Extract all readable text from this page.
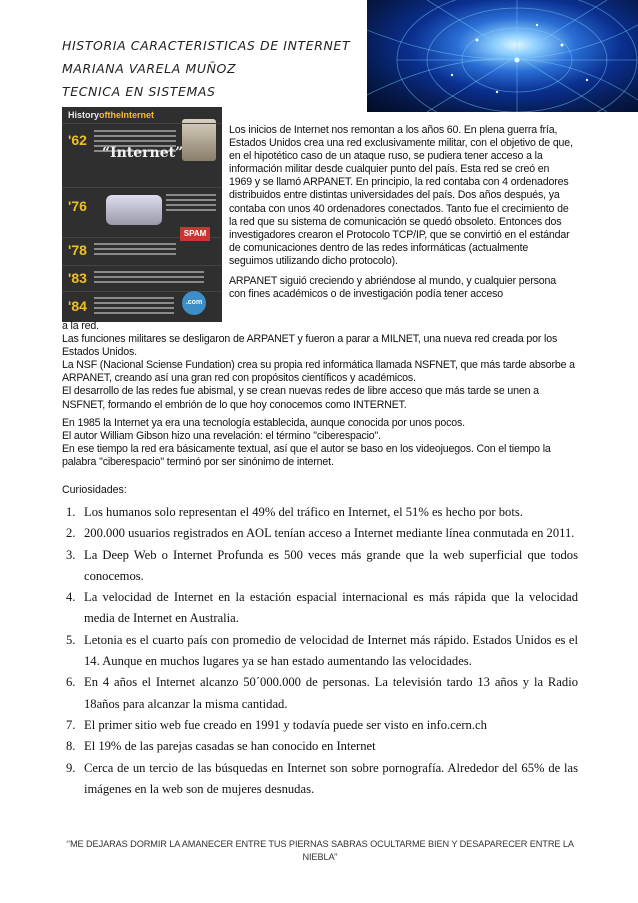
HISTORIA CARACTERISTICAS DE INTERNET
MARIANA VARELA MUÑOZ
TECNICA EN SISTEMAS
HistoryoftheInternet
'62
“Internet”
'76
'78
SPAM
'83
'84	.com

Los inicios de Internet nos remontan a los años 60. En plena guerra fría, Estados Unidos crea una red exclusivamente militar, con el objetivo de que, en el hipotético caso de un ataque ruso, se pudiera tener acceso a la información militar desde cualquier punto del país. Esta red se creó en 1969 y se llamó ARPANET. En principio, la red contaba con 4 ordenadores distribuidos entre distintas universidades del país. Dos años después, ya contaba con unos 40 ordenadores conectados. Tanto fue el crecimiento de la red que su sistema de comunicación se quedó obsoleto. Entonces dos investigadores crearon el Protocolo TCP/IP, que se convirtió en el estándar de comunicaciones dentro de las redes informáticas (actualmente seguimos utilizando dicho protocolo).

ARPANET siguió creciendo y abriéndose al mundo, y cualquier persona con fines académicos o de investigación podía tener acceso

a la red.

Las funciones militares se desligaron de ARPANET y fueron a parar a MILNET, una nueva red creada por los Estados Unidos.

La NSF (Nacional Sciense Fundation) crea su propia red informática llamada NSFNET, que más tarde absorbe a ARPANET, creando así una gran red con propósitos científicos y académicos.

El desarrollo de las redes fue abismal, y se crean nuevas redes de libre acceso que más tarde se unen a NSFNET, formando el embrión de lo que hoy conocemos como INTERNET.

En 1985 la Internet ya era una tecnología establecida, aunque conocida por unos pocos.

El autor William Gibson hizo una revelación: el término "ciberespacio".

En ese tiempo la red era básicamente textual, así que el autor se baso en los videojuegos. Con el tiempo la palabra "ciberespacio" terminó por ser sinónimo de internet.

Curiosidades:
1. Los humanos solo representan el 49% del tráfico en Internet, el 51% es hecho por bots.
2. 200.000 usuarios registrados en AOL tenían acceso a Internet mediante línea conmutada en 2011.
3. La Deep Web o Internet Profunda es 500 veces más grande que la web superficial que todos conocemos.
4. La velocidad de Internet en la estación espacial internacional es más rápida que la velocidad media de Internet en Australia.
5. Letonia es el cuarto país con promedio de velocidad de Internet más rápido. Estados Unidos es el 14. Aunque en muchos lugares ya se han estado aumentando las velocidades.
6. En 4 años el Internet alcanzo 50´000.000 de personas. La televisión tardo 13 años y la Radio 18años para alcanzar la misma cantidad.
7. El primer sitio web fue creado en 1991 y todavía puede ser visto en info.cern.ch
8. El 19% de las parejas casadas se han conocido en Internet
9. Cerca de un tercio de las búsquedas en Internet son sobre pornografía. Alrededor del 65% de las imágenes en la web son de mujeres desnudas.
‘’ME DEJARAS DORMIR LA AMANECER ENTRE TUS PIERNAS SABRAS OCULTARME BIEN Y DESAPARECER ENTRE LA NIEBLA’’
